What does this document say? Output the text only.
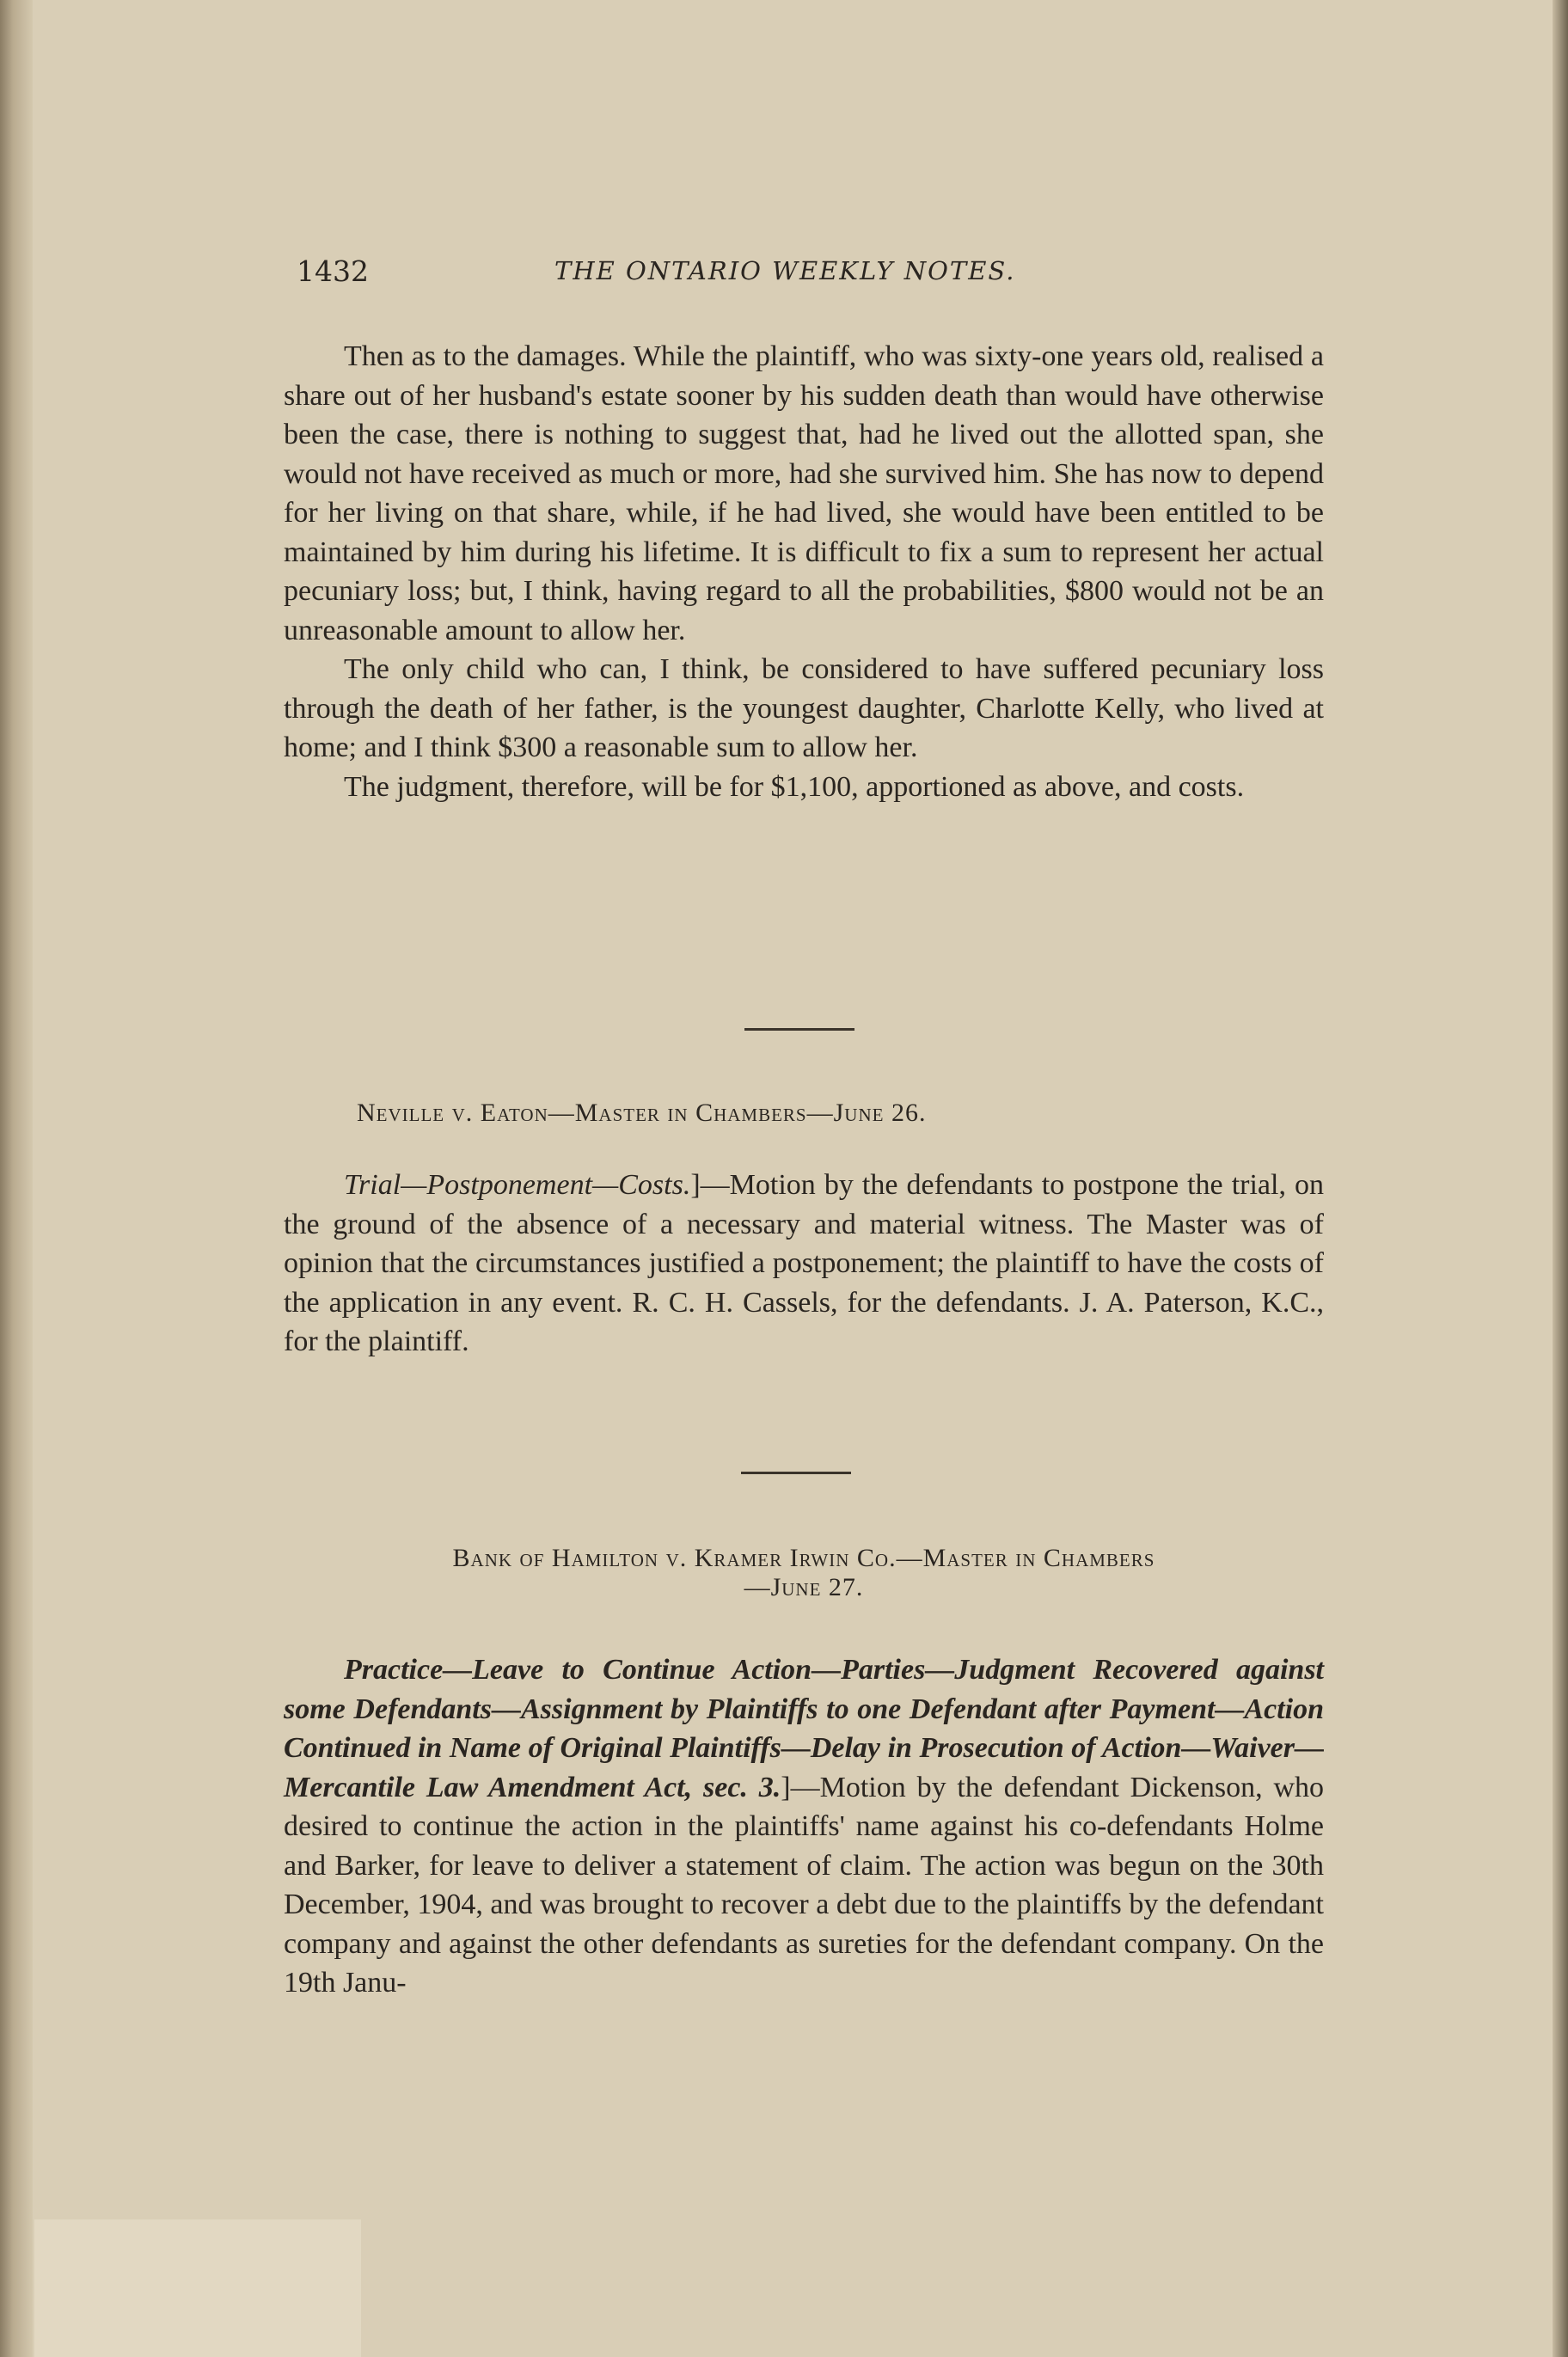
1432	THE ONTARIO WEEKLY NOTES.

Then as to the damages. While the plaintiff, who was sixty-one years old, realised a share out of her husband's estate sooner by his sudden death than would have otherwise been the case, there is nothing to suggest that, had he lived out the allotted span, she would not have received as much or more, had she survived him. She has now to depend for her living on that share, while, if he had lived, she would have been entitled to be maintained by him during his lifetime. It is difficult to fix a sum to represent her actual pecuniary loss; but, I think, having regard to all the probabilities, $800 would not be an unreasonable amount to allow her.

The only child who can, I think, be considered to have suffered pecuniary loss through the death of her father, is the youngest daughter, Charlotte Kelly, who lived at home; and I think $300 a reasonable sum to allow her.

The judgment, therefore, will be for $1,100, apportioned as above, and costs.

Neville v. Eaton—Master in Chambers—June 26.

Trial—Postponement—Costs.]—Motion by the defendants to postpone the trial, on the ground of the absence of a necessary and material witness. The Master was of opinion that the circumstances justified a postponement; the plaintiff to have the costs of the application in any event. R. C. H. Cassels, for the defendants. J. A. Paterson, K.C., for the plaintiff.

Bank of Hamilton v. Kramer Irwin Co.—Master in Chambers
—June 27.

Practice—Leave to Continue Action—Parties—Judgment Recovered against some Defendants—Assignment by Plaintiffs to one Defendant after Payment—Action Continued in Name of Original Plaintiffs—Delay in Prosecution of Action—Waiver—Mercantile Law Amendment Act, sec. 3.]—Motion by the defendant Dickenson, who desired to continue the action in the plaintiffs' name against his co-defendants Holme and Barker, for leave to deliver a statement of claim. The action was begun on the 30th December, 1904, and was brought to recover a debt due to the plaintiffs by the defendant company and against the other defendants as sureties for the defendant company. On the 19th Janu-
